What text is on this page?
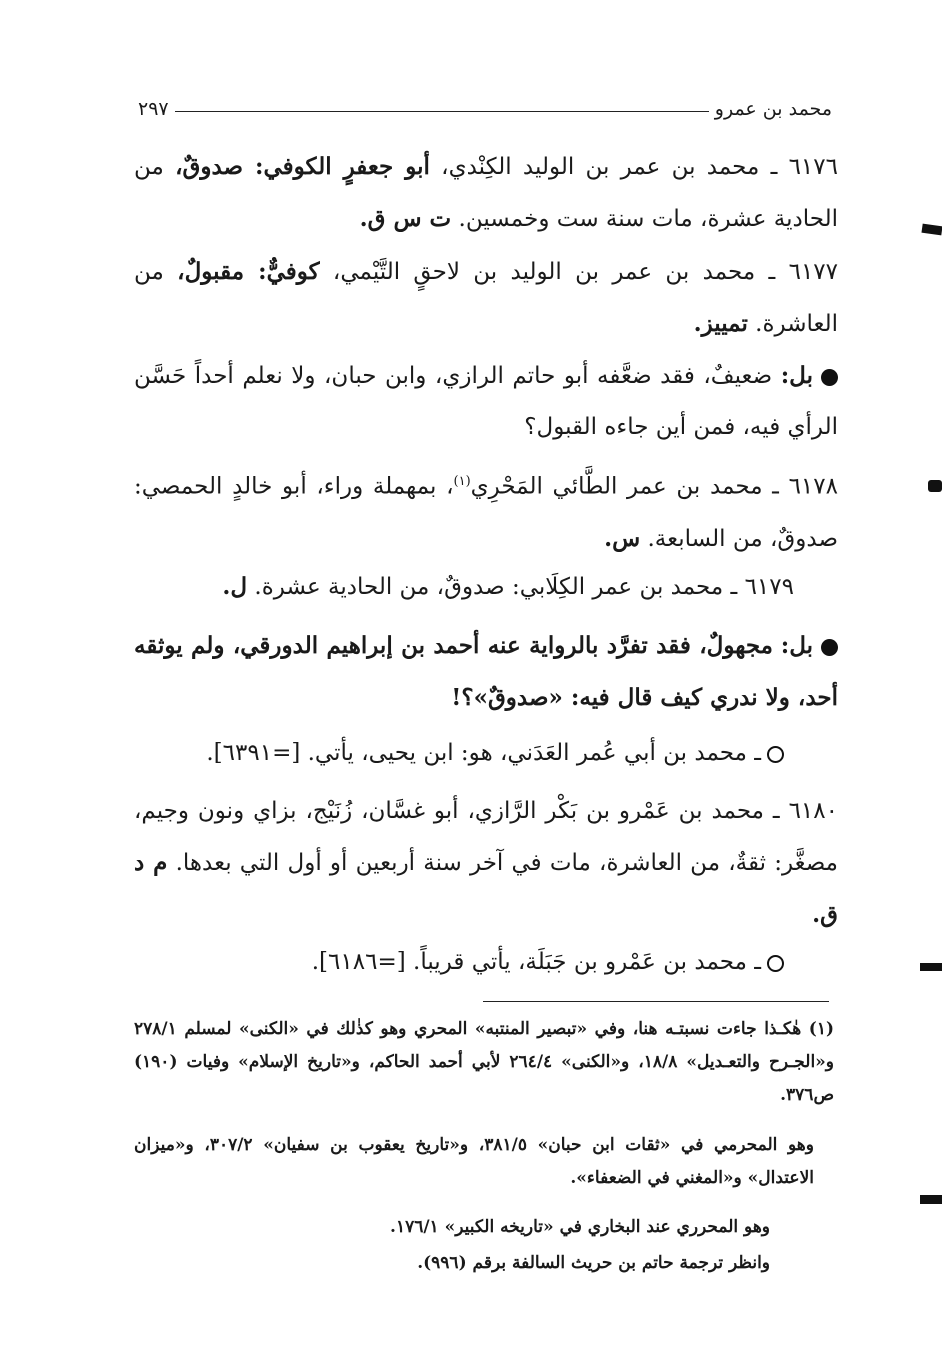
محمد بن عمرو
٢٩٧

٦١٧٦ ـ محمد بن عمر بن الوليد الكِنْدي، أبو جعفرٍ الكوفي: صدوقٌ، من الحادية عشرة، مات سنة ست وخمسين. ت س ق.

٦١٧٧ ـ محمد بن عمر بن الوليد بن لاحقٍ التَّيْمي، كوفيٌّ: مقبولٌ، من العاشرة. تمييز.

بل: ضعيفٌ، فقد ضعَّفه أبو حاتم الرازي، وابن حبان، ولا نعلم أحداً حَسَّن الرأي فيه، فمن أين جاءه القبول؟

٦١٧٨ ـ محمد بن عمر الطَّائي المَحْرِي$^{(١)}$، بمهملة وراء، أبو خالدٍ الحمصي: صدوقٌ، من السابعة. س.

٦١٧٩ ـ محمد بن عمر الكِلَابي: صدوقٌ، من الحادية عشرة. ل.

بل: مجهولٌ، فقد تفرَّد بالرواية عنه أحمد بن إبراهيم الدورقي، ولم يوثقه أحد، ولا ندري كيف قال فيه: «صدوقٌ»؟!

ـ محمد بن أبي عُمر العَدَني، هو: ابن يحيى، يأتي. [=٦٣٩١].

٦١٨٠ ـ محمد بن عَمْرو بن بَكْر الرَّازي، أبو غسَّان، زُنَيْج، بزاي ونون وجيم، مصغَّر: ثقةٌ، من العاشرة، مات في آخر سنة أربعين أو أول التي بعدها. م د ق.

ـ محمد بن عَمْرو بن جَبَلَة، يأتي قريباً. [=٦١٨٦].

(١) هٰكـذا جاءت نسبتـه هنا، وفي «تبصير المنتبه» المحري وهو كذٰلك في «الكنى» لمسلم ٢٧٨/١ و«الجـرح والتعـديل» ١٨/٨، و«الكنى» ٢٦٤/٤ لأبي أحمد الحاكم، و«تاريخ الإسلام» وفيات (١٩٠) ص٣٧٦.

وهو المحرمي في «ثقات ابن حبان» ٣٨١/٥، و«تاريخ يعقوب بن سفيان» ٣٠٧/٢، و«ميزان الاعتدال» و«المغني في الضعفاء».

وهو المحرري عند البخاري في «تاريخه الكبير» ١٧٦/١.

وانظر ترجمة حاتم بن حريث السالفة برقم (٩٩٦).
